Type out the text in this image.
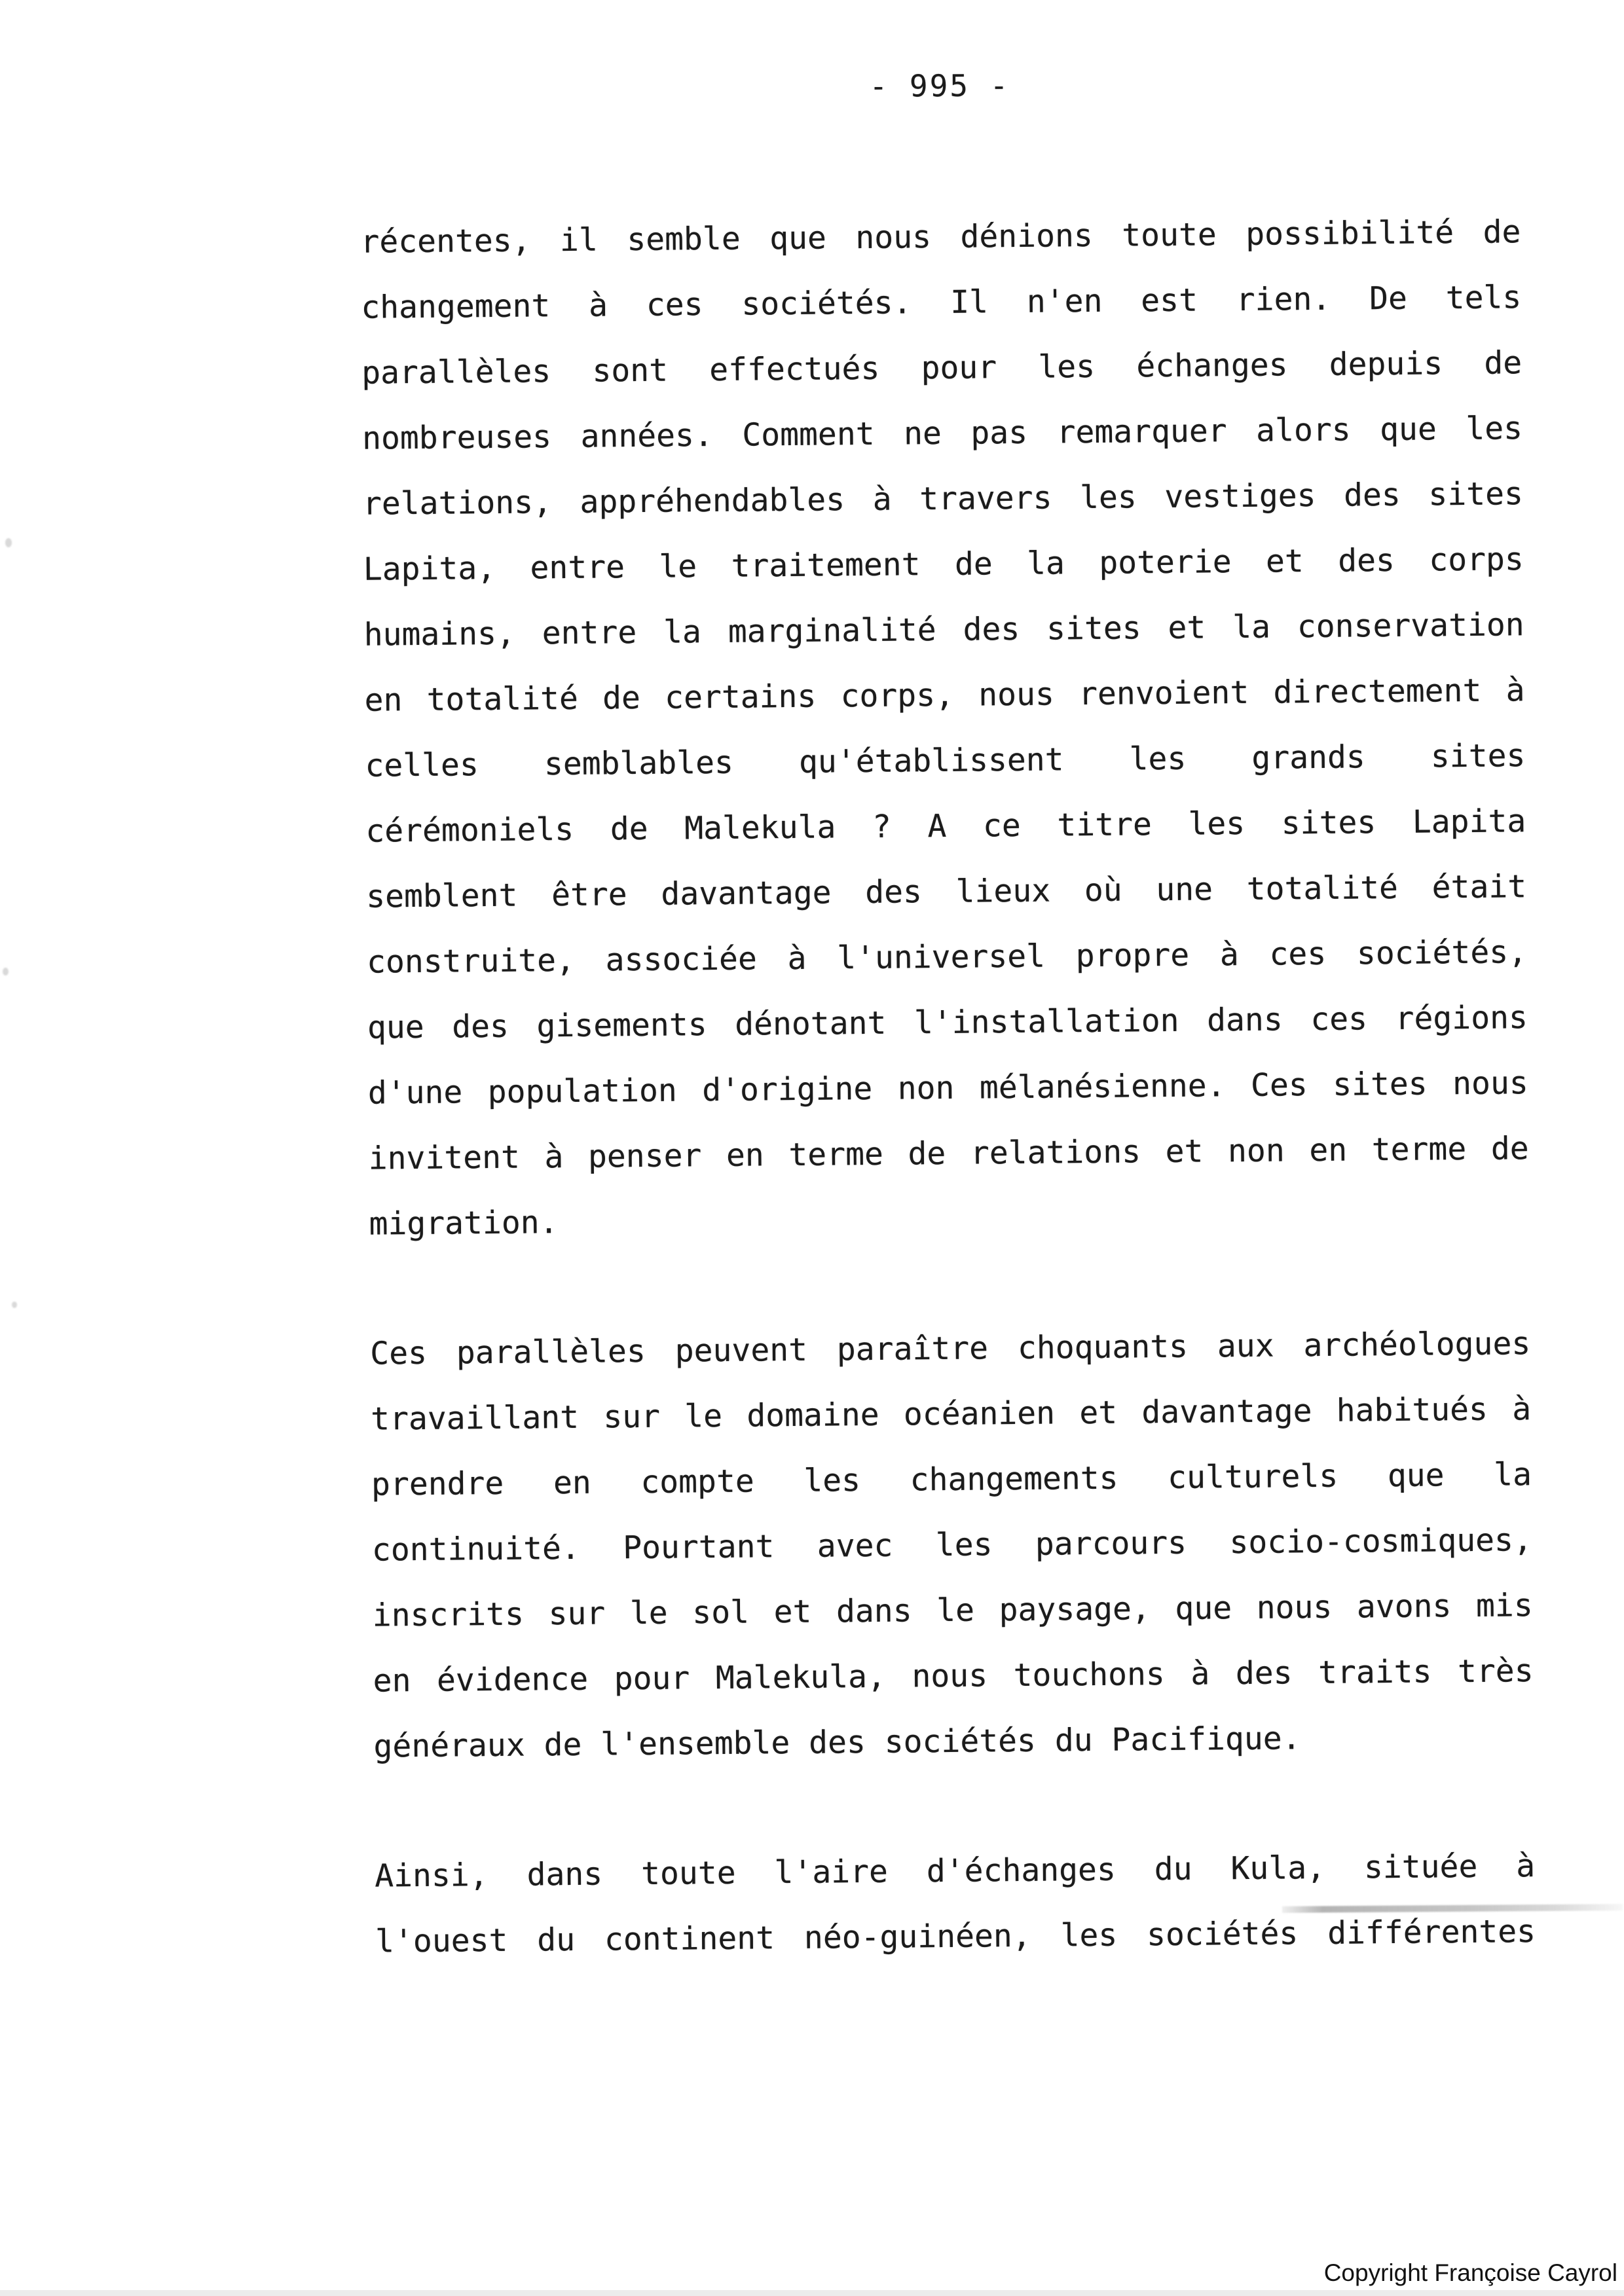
- 995 -
récentes, il semble que nous dénions toute possibilité de
changement à ces sociétés. Il n'en est rien. De tels
parallèles sont effectués pour les échanges depuis de
nombreuses années. Comment ne pas remarquer alors que les
relations, appréhendables à travers les vestiges des sites
Lapita, entre le traitement de la poterie et des corps
humains, entre la marginalité des sites et la conservation
en totalité de certains corps, nous renvoient directement à
celles semblables qu'établissent les grands sites
cérémoniels de Malekula ? A ce titre les sites Lapita
semblent être davantage des lieux où une totalité était
construite, associée à l'universel propre à ces sociétés,
que des gisements dénotant l'installation dans ces régions
d'une population d'origine non mélanésienne. Ces sites nous
invitent à penser en terme de relations et non en terme de
migration.
Ces parallèles peuvent paraître choquants aux archéologues
travaillant sur le domaine océanien et davantage habitués à
prendre en compte les changements culturels que la
continuité. Pourtant avec les parcours socio-cosmiques,
inscrits sur le sol et dans le paysage, que nous avons mis
en évidence pour Malekula, nous touchons à des traits très
généraux de l'ensemble des sociétés du Pacifique.
Ainsi, dans toute l'aire d'échanges du Kula, située à
l'ouest du continent néo-guinéen, les sociétés différentes
Copyright Françoise Cayrol
